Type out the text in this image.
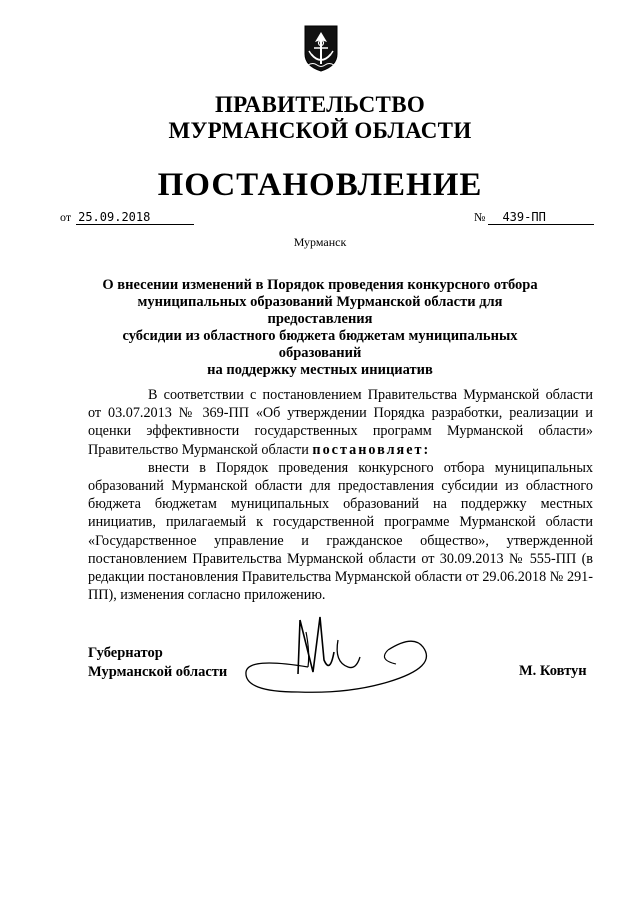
ПРАВИТЕЛЬСТВО
МУРМАНСКОЙ ОБЛАСТИ
ПОСТАНОВЛЕНИЕ
от 25.09.2018	№ 439-ПП
Мурманск
О внесении изменений в Порядок проведения конкурсного отбора
муниципальных образований Мурманской области для предоставления
субсидии из областного бюджета бюджетам муниципальных образований
на поддержку местных инициатив

В соответствии с постановлением Правительства Мурманской области от 03.07.2013 № 369-ПП «Об утверждении Порядка разработки, реализации и оценки эффективности государственных программ Мурманской области» Правительство Мурманской области постановляет:

внести в Порядок проведения конкурсного отбора муниципальных образований Мурманской области для предоставления субсидии из областного бюджета бюджетам муниципальных образований на поддержку местных инициатив, прилагаемый к государственной программе Мурманской области «Государственное управление и гражданское общество», утвержденной постановлением Правительства Мурманской области от 30.09.2013 № 555-ПП (в редакции постановления Правительства Мурманской области от 29.06.2018 № 291-ПП), изменения согласно приложению.

Губернатор
Мурманской области	М. Ковтун
